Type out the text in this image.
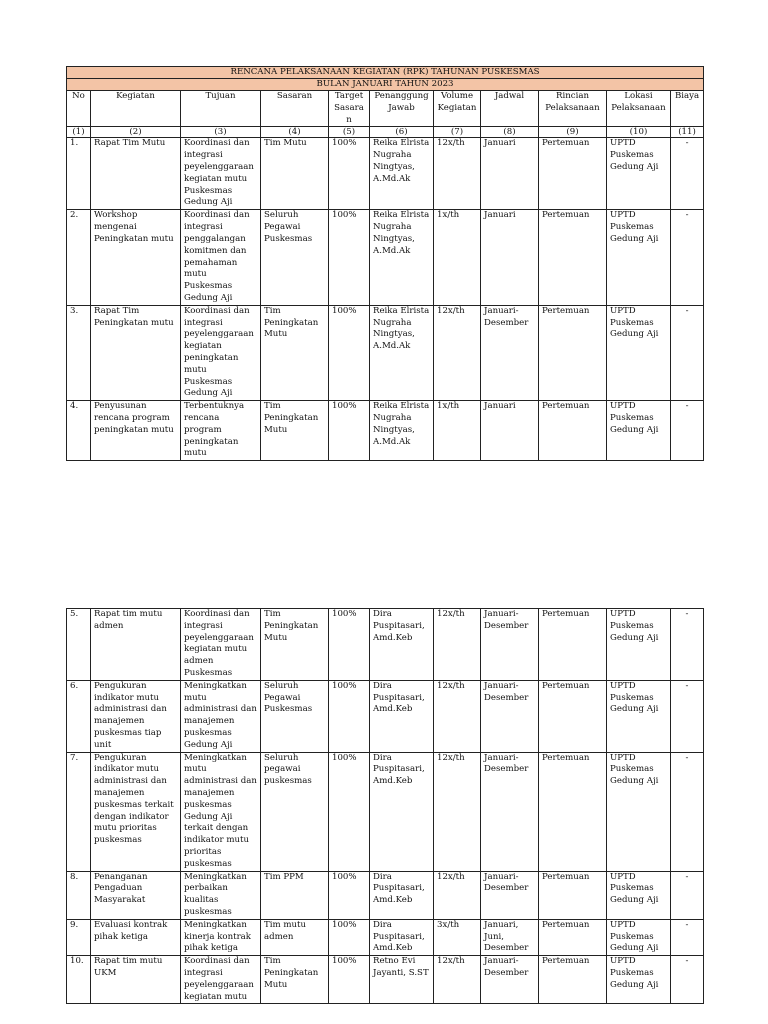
RENCANA PELAKSANAAN KEGIATAN (RPK) TAHUNAN PUSKESMAS										
BULAN JANUARI TAHUN 2023										
No	Kegiatan	Tujuan	Sasaran	Target Sasaran	Penanggung Jawab	Volume Kegiatan	Jadwal	Rincian Pelaksanaan	Lokasi Pelaksanaan	Biaya
(1)	(2)	(3)	(4)	(5)	(6)	(7)	(8)	(9)	(10)	(11)
1.	Rapat Tim Mutu	Koordinasi dan integrasi peyelenggaraan kegiatan mutu Puskesmas Gedung Aji	Tim Mutu	100%	Reika Elrista Nugraha Ningtyas, A.Md.Ak	12x/th	Januari	Pertemuan	UPTD Puskemas Gedung Aji	-
2.	Workshop mengenai Peningkatan mutu	Koordinasi dan integrasi penggalangan komitmen dan pemahaman mutu Puskesmas Gedung Aji	Seluruh Pegawai Puskesmas	100%	Reika Elrista Nugraha Ningtyas, A.Md.Ak	1x/th	Januari	Pertemuan	UPTD Puskemas Gedung Aji	-
3.	Rapat Tim Peningkatan mutu	Koordinasi dan integrasi peyelenggaraan kegiatan peningkatan mutu Puskesmas Gedung Aji	Tim Peningkatan Mutu	100%	Reika Elrista Nugraha Ningtyas, A.Md.Ak	12x/th	Januari-Desember	Pertemuan	UPTD Puskemas Gedung Aji	-
4.	Penyusunan rencana program peningkatan mutu	Terbentuknya rencana program peningkatan mutu	Tim Peningkatan Mutu	100%	Reika Elrista Nugraha Ningtyas, A.Md.Ak	1x/th	Januari	Pertemuan	UPTD Puskemas Gedung Aji	-
5.	Rapat tim mutu admen	Koordinasi dan integrasi peyelenggaraan kegiatan mutu admen Puskesmas	Tim Peningkatan Mutu	100%	Dira Puspitasari, Amd.Keb	12x/th	Januari-Desember	Pertemuan	UPTD Puskemas Gedung Aji	-
6.	Pengukuran indikator mutu administrasi dan manajemen puskesmas tiap unit	Meningkatkan mutu administrasi dan manajemen puskesmas Gedung Aji	Seluruh Pegawai Puskesmas	100%	Dira Puspitasari, Amd.Keb	12x/th	Januari-Desember	Pertemuan	UPTD Puskemas Gedung Aji	-
7.	Pengukuran indikator mutu administrasi dan manajemen puskesmas terkait dengan indikator mutu prioritas puskesmas	Meningkatkan mutu administrasi dan manajemen puskesmas Gedung Aji terkait dengan indikator mutu prioritas puskesmas	Seluruh pegawai puskesmas	100%	Dira Puspitasari, Amd.Keb	12x/th	Januari-Desember	Pertemuan	UPTD Puskemas Gedung Aji	-
8.	Penanganan Pengaduan Masyarakat	Meningkatkan perbaikan kualitas puskesmas	Tim PPM	100%	Dira Puspitasari, Amd.Keb	12x/th	Januari-Desember	Pertemuan	UPTD Puskemas Gedung Aji	-
9.	Evaluasi kontrak pihak ketiga	Meningkatkan kinerja kontrak pihak ketiga	Tim mutu admen	100%	Dira Puspitasari, Amd.Keb	3x/th	Januari, Juni, Desember	Pertemuan	UPTD Puskemas Gedung Aji	-
10.	Rapat tim mutu UKM	Koordinasi dan integrasi peyelenggaraan kegiatan mutu	Tim Peningkatan Mutu	100%	Retno Evi Jayanti, S.ST	12x/th	Januari-Desember	Pertemuan	UPTD Puskemas Gedung Aji	-
